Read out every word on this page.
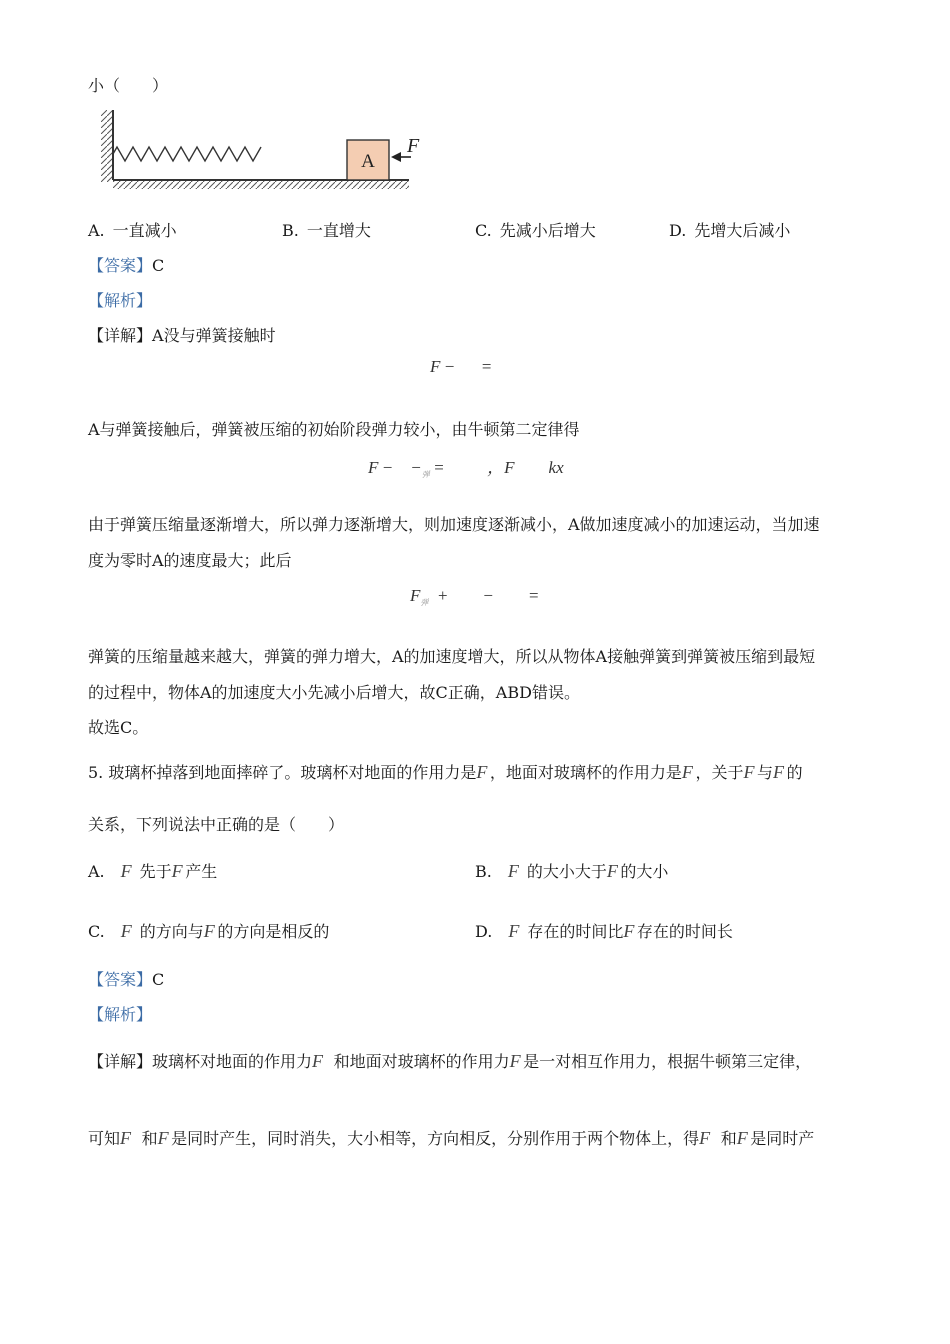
小（　　）
A
F
A.  一直减小	B.  一直增大	C.  先减小后增大	D.  先增大后减小
【答案】C
【解析】
【详解】A没与弹簧接触时
F  −   =
A与弹簧接触后，弹簧被压缩的初始阶段弹力较小，由牛顿第二定律得
F  − $-_弹$  =   	，F   kx
由于弹簧压缩量逐渐增大，所以弹力逐渐增大，则加速度逐渐减小，A做加速度减小的加速运动，当加速
度为零时A的速度最大；此后
$F_弹$  +  −  =
弹簧的压缩量越来越大，弹簧的弹力增大，A的加速度增大，所以从物体A接触弹簧到弹簧被压缩到最短
的过程中，物体A的加速度大小先减小后增大，故C正确，ABD错误。
故选C。
5. 玻璃杯掉落到地面摔碎了。玻璃杯对地面的作用力是F ，地面对玻璃杯的作用力是F ，关于F 与F 的
关系，下列说法中正确的是（　　）
A.  F  先于F 产生	B.  F  的大小大于F 的大小
C.  F  的方向与F 的方向是相反的	D.  F  存在的时间比F 存在的时间长
【答案】C
【解析】
【详解】玻璃杯对地面的作用力F   和地面对玻璃杯的作用力F 是一对相互作用力，根据牛顿第三定律，
可知F   和F 是同时产生，同时消失，大小相等，方向相反，分别作用于两个物体上，得F   和F 是同时产
